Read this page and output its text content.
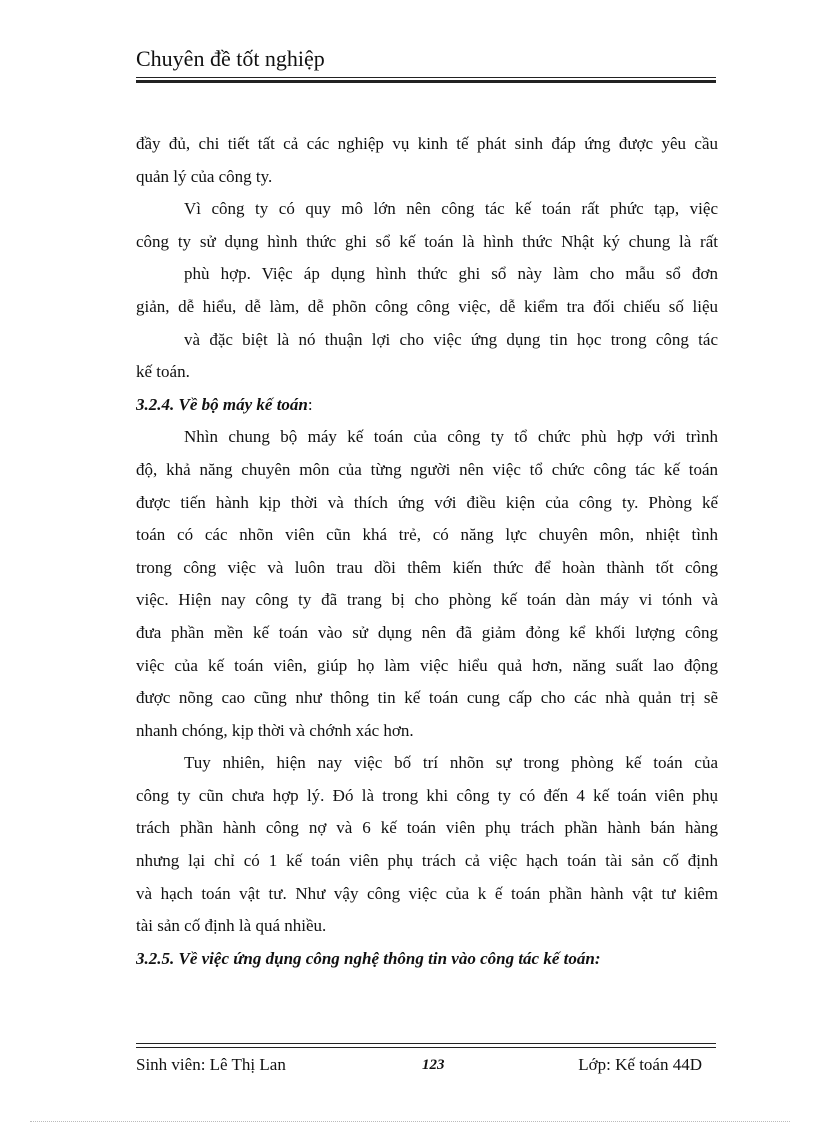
Chuyên đề tốt nghiệp
đầy đủ, chi tiết tất cả các nghiệp vụ kinh tế phát sinh đáp ứng được yêu cầu
quản lý của công ty.
Vì công ty có quy mô lớn nên công tác kế toán rất phức tạp, việc
công ty sử dụng hình thức ghi sổ kế toán là hình thức Nhật ký chung là rất
phù hợp. Việc áp dụng hình thức ghi sổ này làm cho mẫu sổ đơn
giản, dễ hiểu, dễ làm, dễ phõn công công việc, dễ kiểm tra đối chiếu số liệu
và đặc biệt là nó thuận lợi cho việc ứng dụng tin học trong công tác
kế toán.
3.2.4. Về bộ máy kế toán:
Nhìn chung bộ máy kế toán của công ty tổ chức phù hợp với trình
độ, khả năng chuyên môn của từng người nên việc tổ chức công tác kế toán
được tiến hành kịp thời và thích ứng với điều kiện của công ty. Phòng kế
toán có các nhõn viên cũn khá trẻ, có năng lực chuyên môn, nhiệt tình
trong công việc và luôn trau dồi thêm kiến thức để hoàn thành tốt công
việc. Hiện nay công ty đã trang bị cho phòng kế toán dàn máy vi tónh và
đưa phần mền kế toán vào sử dụng nên đã giảm đỏng kể khối lượng công
việc của kế toán viên, giúp họ làm việc hiểu quả hơn, năng suất lao động
được nõng cao cũng như thông tin kế toán cung cấp cho các nhà quản trị sẽ
nhanh chóng, kịp thời và chớnh xác hơn.
Tuy nhiên, hiện nay việc bố trí nhõn sự trong phòng kế toán của
công ty cũn chưa hợp lý. Đó là trong khi công ty có đến 4 kế toán viên phụ
trách phần hành công nợ và 6 kế toán viên phụ trách phần hành bán hàng
nhưng lại chỉ có 1 kế toán viên phụ trách cả việc hạch toán tài sản cố định
và hạch toán vật tư. Như vậy công việc của k ế toán phần hành vật tư kiêm
tài sản cố định là quá nhiều.
3.2.5. Về việc ứng dụng công nghệ thông tin vào công tác kế toán:
Sinh viên: Lê Thị Lan	123	Lớp: Kế toán 44D
